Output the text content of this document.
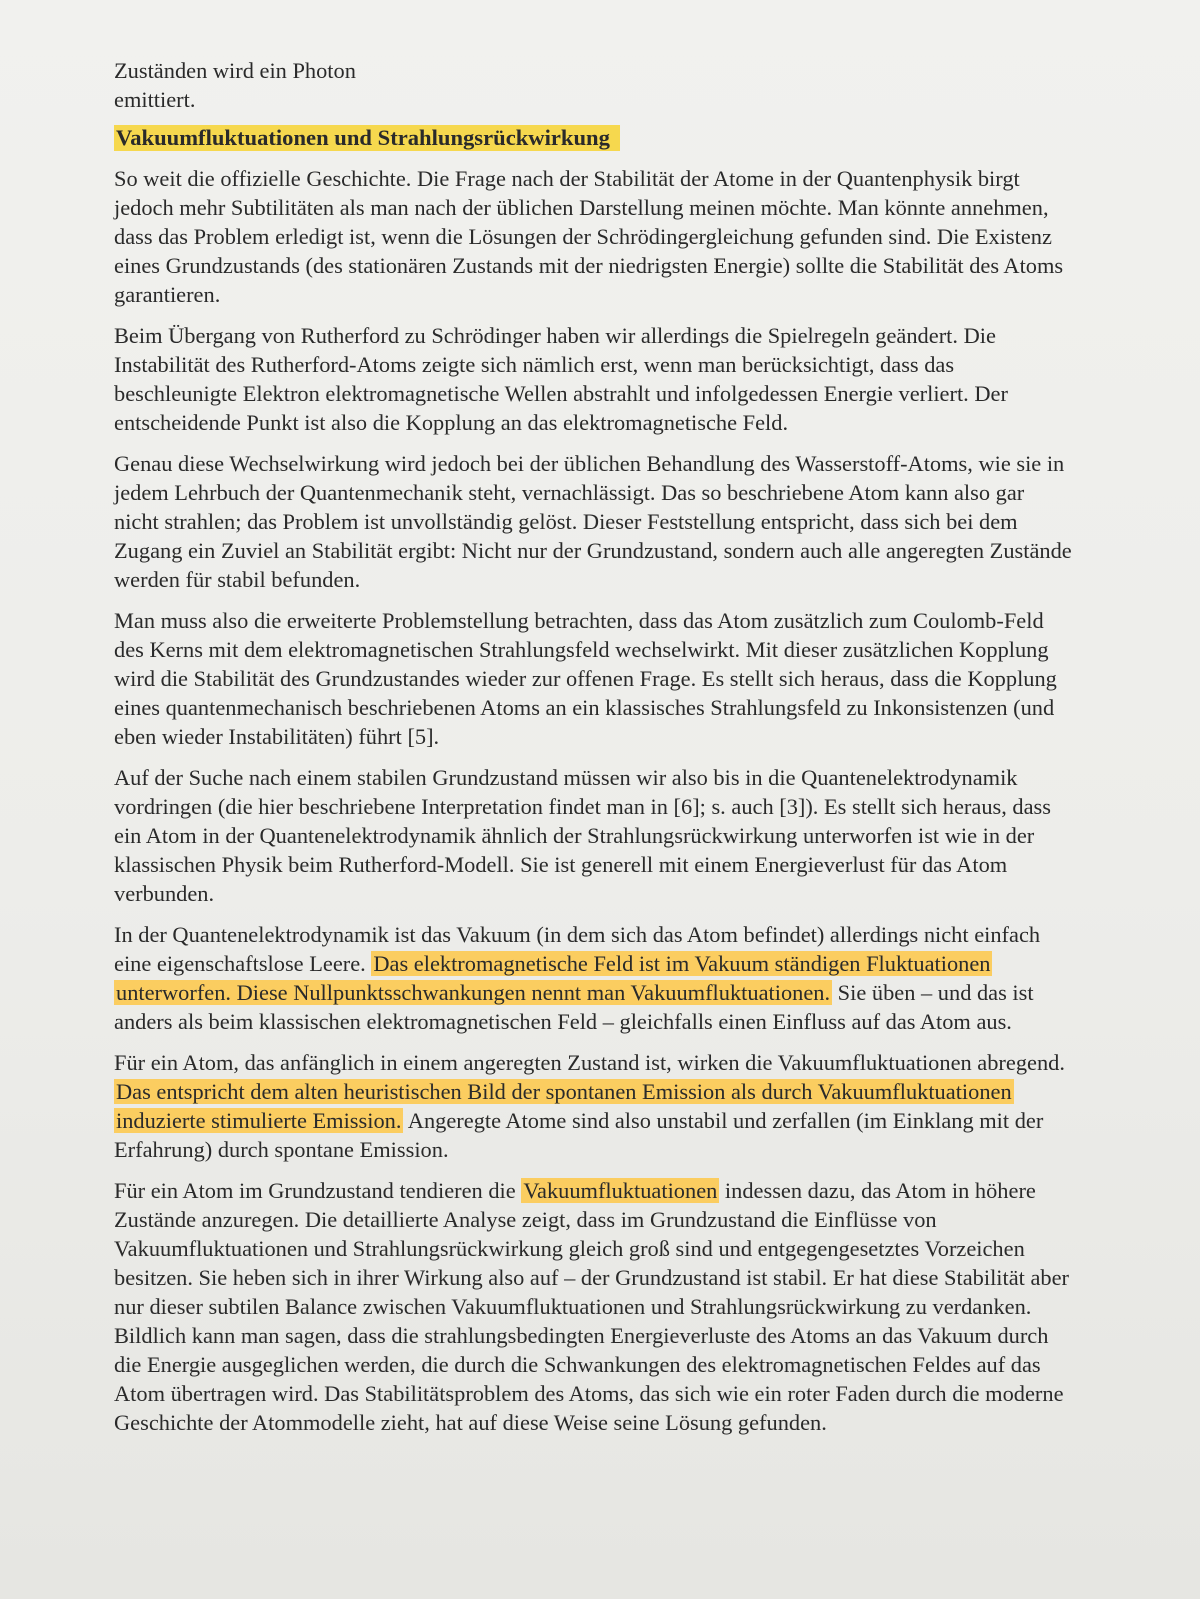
Zuständen wird ein Photon

emittiert.

Vakuumfluktuationen und Strahlungsrückwirkung

So weit die offizielle Geschichte. Die Frage nach der Stabilität der Atome in der Quantenphysik birgt jedoch mehr Subtilitäten als man nach der üblichen Darstellung meinen möchte. Man könnte annehmen, dass das Problem erledigt ist, wenn die Lösungen der Schrödingergleichung gefunden sind. Die Existenz eines Grundzustands (des stationären Zustands mit der niedrigsten Energie) sollte die Stabilität des Atoms garantieren.

Beim Übergang von Rutherford zu Schrödinger haben wir allerdings die Spielregeln geändert. Die Instabilität des Rutherford-Atoms zeigte sich nämlich erst, wenn man berücksichtigt, dass das beschleunigte Elektron elektromagnetische Wellen abstrahlt und infolgedessen Energie verliert. Der entscheidende Punkt ist also die Kopplung an das elektromagnetische Feld.

Genau diese Wechselwirkung wird jedoch bei der üblichen Behandlung des Wasserstoff-Atoms, wie sie in jedem Lehrbuch der Quantenmechanik steht, vernachlässigt. Das so beschriebene Atom kann also gar nicht strahlen; das Problem ist unvollständig gelöst. Dieser Feststellung entspricht, dass sich bei dem Zugang ein Zuviel an Stabilität ergibt: Nicht nur der Grundzustand, sondern auch alle angeregten Zustände werden für stabil befunden.

Man muss also die erweiterte Problemstellung betrachten, dass das Atom zusätzlich zum Coulomb-Feld des Kerns mit dem elektromagnetischen Strahlungsfeld wechselwirkt. Mit dieser zusätzlichen Kopplung wird die Stabilität des Grundzustandes wieder zur offenen Frage. Es stellt sich heraus, dass die Kopplung eines quantenmechanisch beschriebenen Atoms an ein klassisches Strahlungsfeld zu Inkonsistenzen (und eben wieder Instabilitäten) führt [5].

Auf der Suche nach einem stabilen Grundzustand müssen wir also bis in die Quantenelektrodynamik vordringen (die hier beschriebene Interpretation findet man in [6]; s. auch [3]). Es stellt sich heraus, dass ein Atom in der Quantenelektrodynamik ähnlich der Strahlungsrückwirkung unterworfen ist wie in der klassischen Physik beim Rutherford-Modell. Sie ist generell mit einem Energieverlust für das Atom verbunden.

In der Quantenelektrodynamik ist das Vakuum (in dem sich das Atom befindet) allerdings nicht einfach eine eigenschaftslose Leere. Das elektromagnetische Feld ist im Vakuum ständigen Fluktuationen unterworfen. Diese Nullpunktsschwankungen nennt man Vakuumfluktuationen. Sie üben – und das ist anders als beim klassischen elektromagnetischen Feld – gleichfalls einen Einfluss auf das Atom aus.

Für ein Atom, das anfänglich in einem angeregten Zustand ist, wirken die Vakuumfluktuationen abregend. Das entspricht dem alten heuristischen Bild der spontanen Emission als durch Vakuumfluktuationen induzierte stimulierte Emission. Angeregte Atome sind also unstabil und zerfallen (im Einklang mit der Erfahrung) durch spontane Emission.

Für ein Atom im Grundzustand tendieren die Vakuumfluktuationen indessen dazu, das Atom in höhere Zustände anzuregen. Die detaillierte Analyse zeigt, dass im Grundzustand die Einflüsse von Vakuumfluktuationen und Strahlungsrückwirkung gleich groß sind und entgegengesetztes Vorzeichen besitzen. Sie heben sich in ihrer Wirkung also auf – der Grundzustand ist stabil. Er hat diese Stabilität aber nur dieser subtilen Balance zwischen Vakuumfluktuationen und Strahlungsrückwirkung zu verdanken. Bildlich kann man sagen, dass die strahlungsbedingten Energieverluste des Atoms an das Vakuum durch die Energie ausgeglichen werden, die durch die Schwankungen des elektromagnetischen Feldes auf das Atom übertragen wird. Das Stabilitätsproblem des Atoms, das sich wie ein roter Faden durch die moderne Geschichte der Atommodelle zieht, hat auf diese Weise seine Lösung gefunden.
